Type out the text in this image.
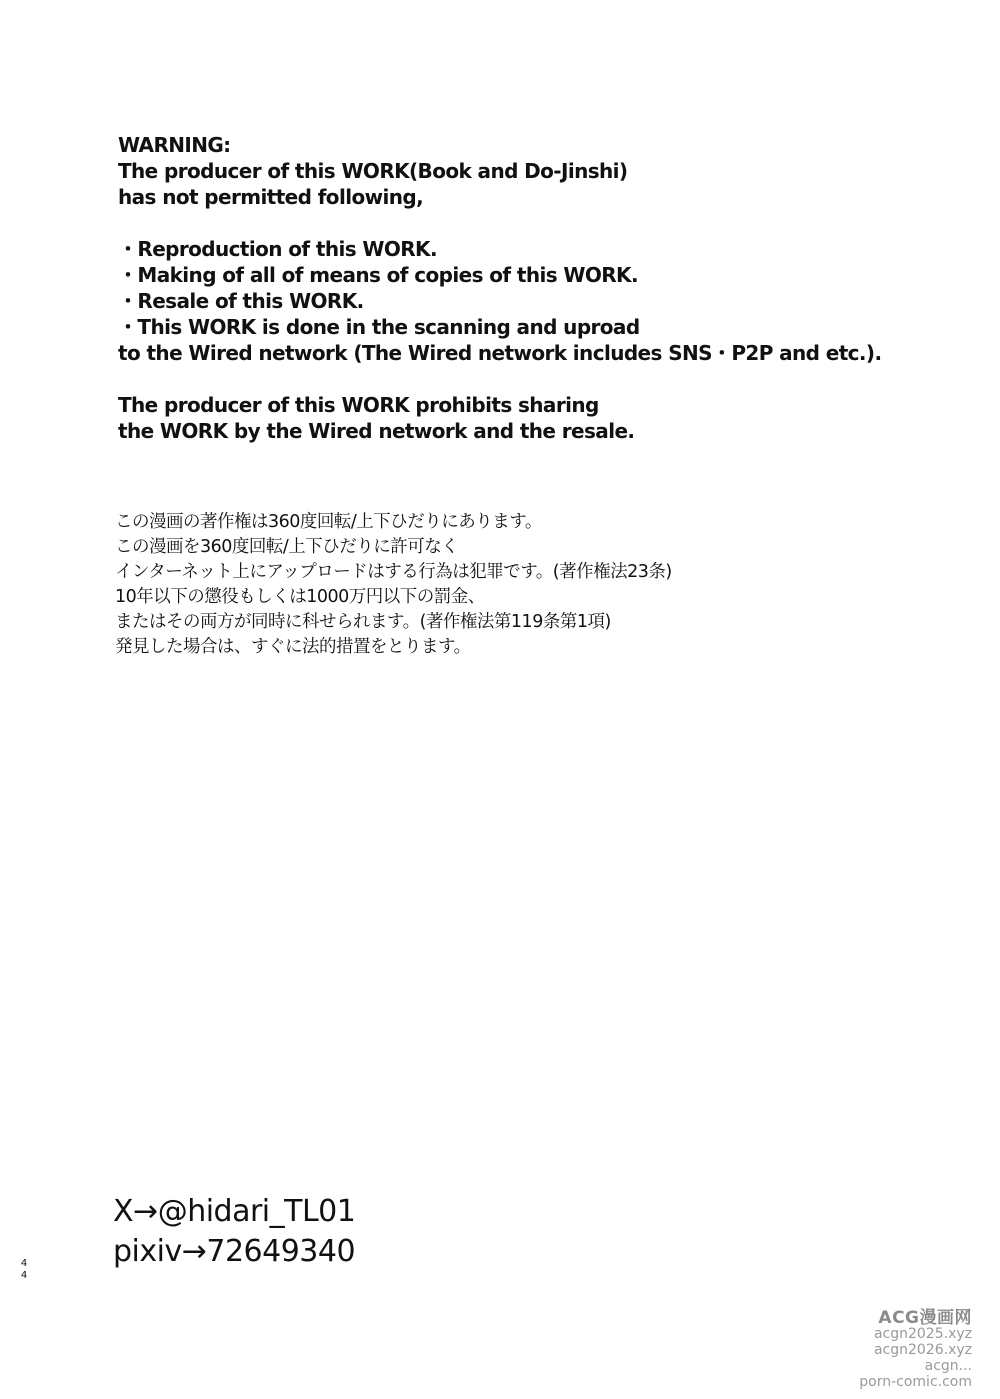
WARNING:
The producer of this WORK(Book and Do-Jinshi)
has not permitted following,
・Reproduction of this WORK.
・Making of all of means of copies of this WORK.
・Resale of this WORK.
・This WORK is done in the scanning and uproad
to the Wired network (The Wired network includes SNS・P2P and etc.).
The producer of this WORK prohibits sharing
the WORK by the Wired network and the resale.
この漫画の著作権は360度回転/上下ひだりにあります。
この漫画を360度回転/上下ひだりに許可なく
インターネット上にアップロードはする行為は犯罪です。(著作権法23条)
10年以下の懲役もしくは1000万円以下の罰金、
またはその両方が同時に科せられます。(著作権法第119条第1項)
発見した場合は、すぐに法的措置をとります。
X→@hidari_TL01
pixiv→72649340
4
4
ACG漫画网
acgn2025.xyz
acgn2026.xyz
acgn...
porn-comic.com
